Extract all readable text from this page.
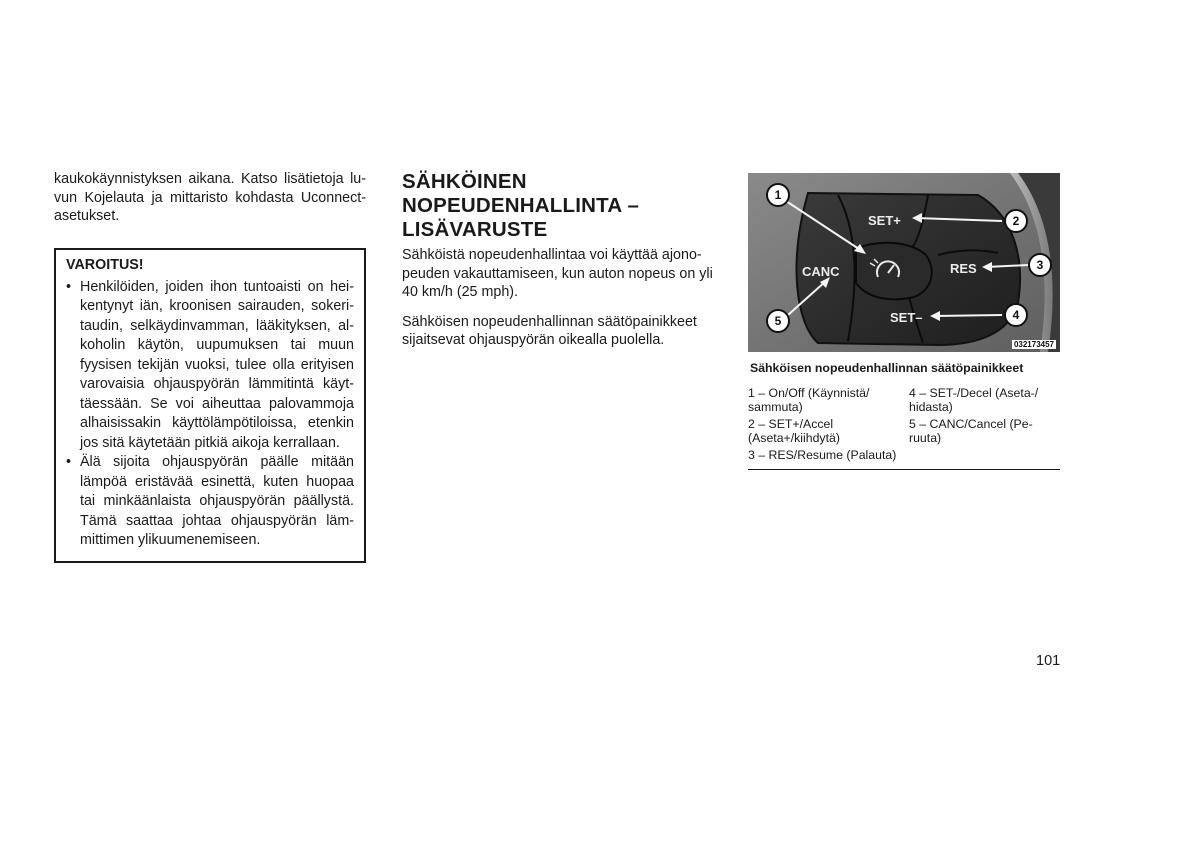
kaukokäynnistyksen aikana. Katso lisätietoja luvun Kojelauta ja mittaristo kohdasta Uconnect-asetukset.

VAROITUS!

• Henkilöiden, joiden ihon tuntoaisti on heikentynyt iän, kroonisen sairauden, sokeritaudin, selkäydinvamman, lääkityksen, alkoholin käytön, uupumuksen tai muun fyysisen tekijän vuoksi, tulee olla erityisen varovaisia ohjauspyörän lämmitintä käyttäessään. Se voi aiheuttaa palovammoja alhaisissakin käyttölämpötiloissa, etenkin jos sitä käytetään pitkiä aikoja kerrallaan.
• Älä sijoita ohjauspyörän päälle mitään lämpöä eristävää esinettä, kuten huopaa tai minkäänlaista ohjauspyörän päällystä. Tämä saattaa johtaa ohjauspyörän lämmittimen ylikuumenemiseen.
SÄHKÖINEN
NOPEUDENHALLINTA –
LISÄVARUSTE

Sähköistä nopeudenhallintaa voi käyttää ajonopeuden vakauttamiseen, kun auton nopeus on yli 40 km/h (25 mph).

Sähköisen nopeudenhallinnan säätöpainikkeet sijaitsevat ohjauspyörän oikealla puolella.

SET+
RES
CANC
SET–
1
2
3
4
5
032173457

Sähköisen nopeudenhallinnan säätöpainikkeet

1 – On/Off (Käynnistä/ sammuta)
4 – SET-/Decel (Aseta-/ hidasta)
2 – SET+/Accel (Aseta+/kiihdytä)
5 – CANC/Cancel (Peruuta)
3 – RES/Resume (Palauta)
101
